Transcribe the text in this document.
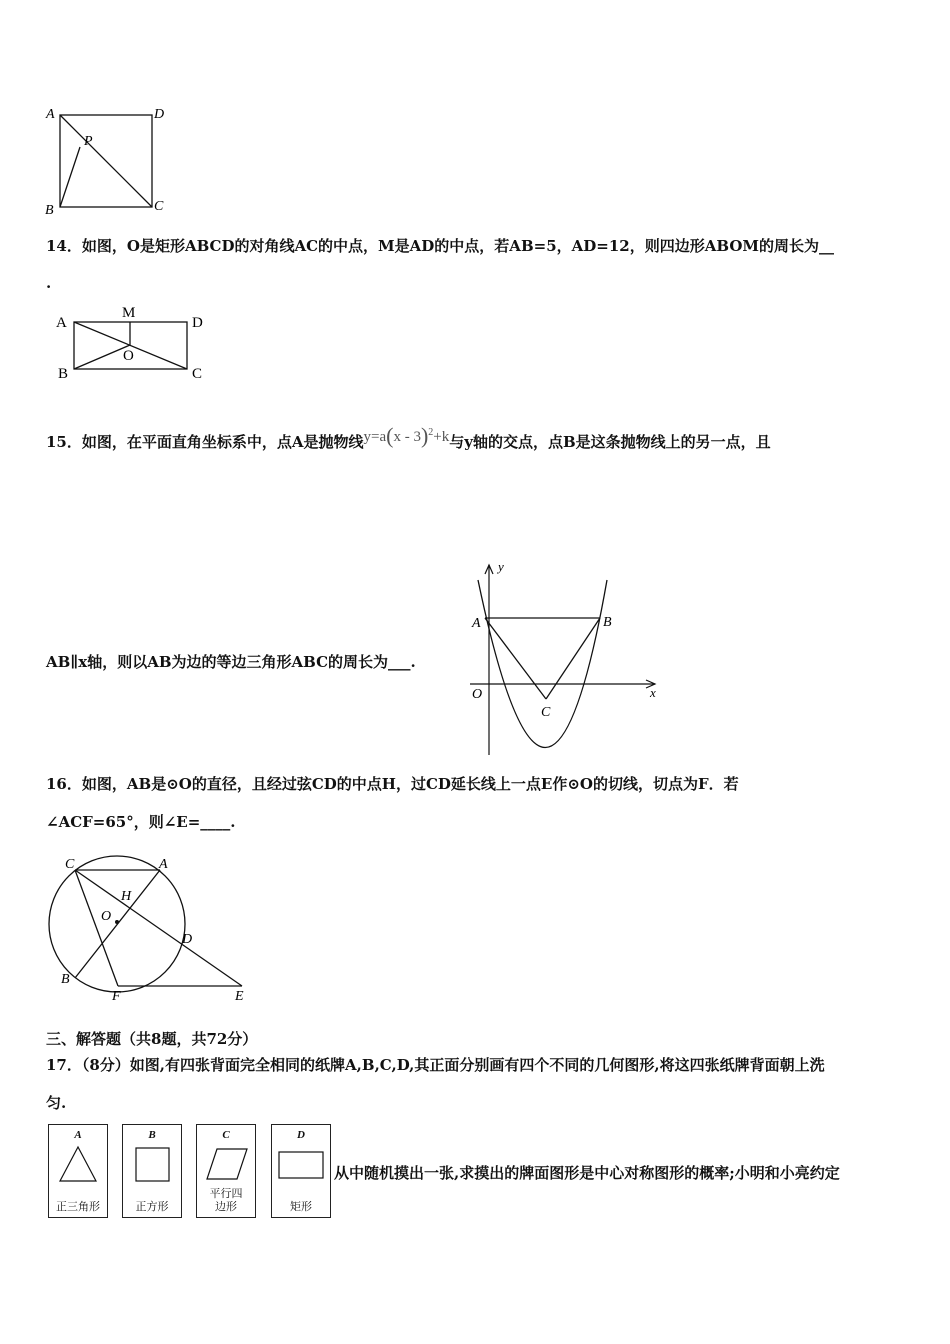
A	D
P
B	C
14．如图，O是矩形ABCD的对角线AC的中点，M是AD的中点，若AB=5，AD=12，则四边形ABOM的周长为__
.
A
M
D
O
B	C
15．如图，在平面直角坐标系中，点A是抛物线y=a(x - 3)$^2$+k与y轴的交点，点B是这条抛物线上的另一点，且
AB∥x轴，则以AB为边的等边三角形ABC的周长为___.
y
x
A	B
O
C
16．如图，AB是⊙O的直径，且经过弦CD的中点H，过CD延长线上一点E作⊙O的切线，切点为F．若
∠ACF=65°，则∠E=____.
C	A
H
O
D
B
F	E
三、解答题（共8题，共72分）
17．（8分）如图,有四张背面完全相同的纸牌A,B,C,D,其正面分别画有四个不同的几何图形,将这四张纸牌背面朝上洗
匀.
A
正三角形
B
正方形
C
平行四边形
D
矩形
从中随机摸出一张,求摸出的牌面图形是中心对称图形的概率;小明和小亮约定
